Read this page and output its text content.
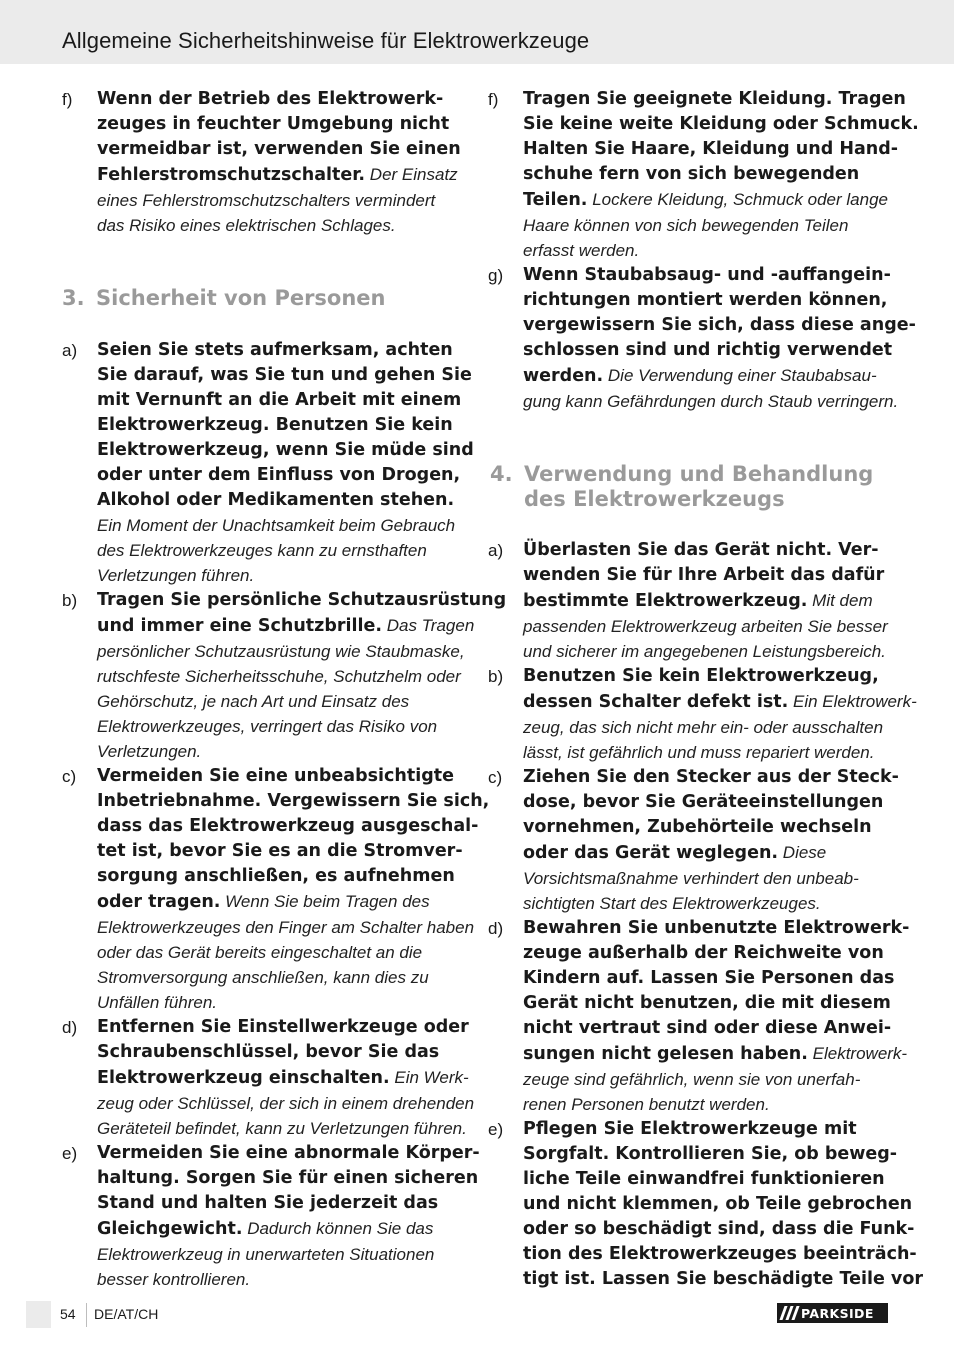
Allgemeine Sicherheitshinweise für Elektrowerkzeuge
f) Wenn der Betrieb des Elektrowerk-
zeuges in feuchter Umgebung nicht
vermeidbar ist, verwenden Sie einen
Fehlerstromschutzschalter. Der Einsatz
eines Fehlerstromschutzschalters vermindert
das Risiko eines elektrischen Schlages.
3. Sicherheit von Personen
a) Seien Sie stets aufmerksam, achten
Sie darauf, was Sie tun und gehen Sie
mit Vernunft an die Arbeit mit einem
Elektrowerkzeug. Benutzen Sie kein
Elektrowerkzeug, wenn Sie müde sind
oder unter dem Einfluss von Drogen,
Alkohol oder Medikamenten stehen.
Ein Moment der Unachtsamkeit beim Gebrauch
des Elektrowerkzeuges kann zu ernsthaften
Verletzungen führen.
b) Tragen Sie persönliche Schutzausrüstung
und immer eine Schutzbrille. Das Tragen
persönlicher Schutzausrüstung wie Staubmaske,
rutschfeste Sicherheitsschuhe, Schutzhelm oder
Gehörschutz, je nach Art und Einsatz des
Elektrowerkzeuges, verringert das Risiko von
Verletzungen.
c) Vermeiden Sie eine unbeabsichtigte
Inbetriebnahme. Vergewissern Sie sich,
dass das Elektrowerkzeug ausgeschal-
tet ist, bevor Sie es an die Stromver-
sorgung anschließen, es aufnehmen
oder tragen. Wenn Sie beim Tragen des
Elektrowerkzeuges den Finger am Schalter haben
oder das Gerät bereits eingeschaltet an die
Stromversorgung anschließen, kann dies zu
Unfällen führen.
d) Entfernen Sie Einstellwerkzeuge oder
Schraubenschlüssel, bevor Sie das
Elektrowerkzeug einschalten. Ein Werk-
zeug oder Schlüssel, der sich in einem drehenden
Geräteteil befindet, kann zu Verletzungen führen.
e) Vermeiden Sie eine abnormale Körper-
haltung. Sorgen Sie für einen sicheren
Stand und halten Sie jederzeit das
Gleichgewicht. Dadurch können Sie das
Elektrowerkzeug in unerwarteten Situationen
besser kontrollieren.
f) Tragen Sie geeignete Kleidung. Tragen
Sie keine weite Kleidung oder Schmuck.
Halten Sie Haare, Kleidung und Hand-
schuhe fern von sich bewegenden
Teilen. Lockere Kleidung, Schmuck oder lange
Haare können von sich bewegenden Teilen
erfasst werden.
g) Wenn Staubabsaug- und -auffangein-
richtungen montiert werden können,
vergewissern Sie sich, dass diese ange-
schlossen sind und richtig verwendet
werden. Die Verwendung einer Staubabsau-
gung kann Gefährdungen durch Staub verringern.
4. Verwendung und Behandlung
des Elektrowerkzeugs
a) Überlasten Sie das Gerät nicht. Ver-
wenden Sie für Ihre Arbeit das dafür
bestimmte Elektrowerkzeug. Mit dem
passenden Elektrowerkzeug arbeiten Sie besser
und sicherer im angegebenen Leistungsbereich.
b) Benutzen Sie kein Elektrowerkzeug,
dessen Schalter defekt ist. Ein Elektrowerk-
zeug, das sich nicht mehr ein- oder ausschalten
lässt, ist gefährlich und muss repariert werden.
c) Ziehen Sie den Stecker aus der Steck-
dose, bevor Sie Geräteeinstellungen
vornehmen, Zubehörteile wechseln
oder das Gerät weglegen. Diese
Vorsichtsmaßnahme verhindert den unbeab-
sichtigten Start des Elektrowerkzeuges.
d) Bewahren Sie unbenutzte Elektrowerk-
zeuge außerhalb der Reichweite von
Kindern auf. Lassen Sie Personen das
Gerät nicht benutzen, die mit diesem
nicht vertraut sind oder diese Anwei-
sungen nicht gelesen haben. Elektrowerk-
zeuge sind gefährlich, wenn sie von unerfah-
renen Personen benutzt werden.
e) Pflegen Sie Elektrowerkzeuge mit
Sorgfalt. Kontrollieren Sie, ob beweg-
liche Teile einwandfrei funktionieren
und nicht klemmen, ob Teile gebrochen
oder so beschädigt sind, dass die Funk-
tion des Elektrowerkzeuges beeinträch-
tigt ist. Lassen Sie beschädigte Teile vor
54 DE/AT/CH	PARKSIDE
